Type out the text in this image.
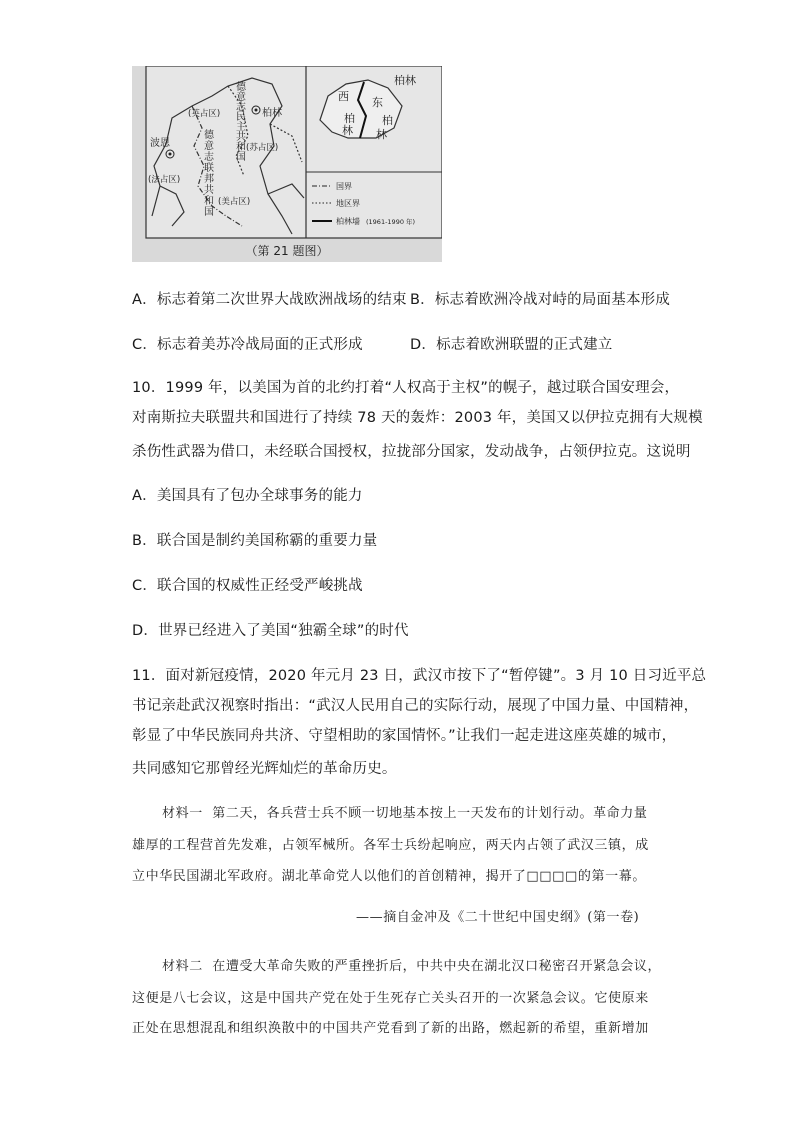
德 意 志 民 主 共 和 国
德 意 志 联 邦 共 和 国
柏林
波恩
(英占区)
(法占区)
(美占区)
(苏占区)
柏林
西
柏
林
东
柏
林
国界
地区界
柏林墙 (1961-1990 年)
（第 21 题图）
A．标志着第二次世界大战欧洲战场的结束 B．标志着欧洲冷战对峙的局面基本形成
C．标志着美苏冷战局面的正式形成	D．标志着欧洲联盟的正式建立
10．1999 年，以美国为首的北约打着“人权高于主权”的幌子，越过联合国安理会，
对南斯拉夫联盟共和国进行了持续 78 天的轰炸：2003 年，美国又以伊拉克拥有大规模
杀伤性武器为借口，未经联合国授权，拉拢部分国家，发动战争，占领伊拉克。这说明
A．美国具有了包办全球事务的能力
B．联合国是制约美国称霸的重要力量
C．联合国的权威性正经受严峻挑战
D．世界已经进入了美国“独霸全球”的时代
11．面对新冠疫情，2020 年元月 23 日，武汉市按下了“暂停键”。3 月 10 日习近平总
书记亲赴武汉视察时指出：“武汉人民用自己的实际行动，展现了中国力量、中国精神，
彰显了中华民族同舟共济、守望相助的家国情怀。”让我们一起走进这座英雄的城市，
共同感知它那曾经光辉灿烂的革命历史。
材料一 第二天，各兵营士兵不顾一切地基本按上一天发布的计划行动。革命力量
雄厚的工程营首先发难，占领军械所。各军士兵纷起响应，两天内占领了武汉三镇，成
立中华民国湖北军政府。湖北革命党人以他们的首创精神，揭开了□□□□的第一幕。
——摘自金冲及《二十世纪中国史纲》(第一卷)
材料二 在遭受大革命失败的严重挫折后，中共中央在湖北汉口秘密召开紧急会议，
这便是八七会议，这是中国共产党在处于生死存亡关头召开的一次紧急会议。它使原来
正处在思想混乱和组织涣散中的中国共产党看到了新的出路，燃起新的希望，重新增加
